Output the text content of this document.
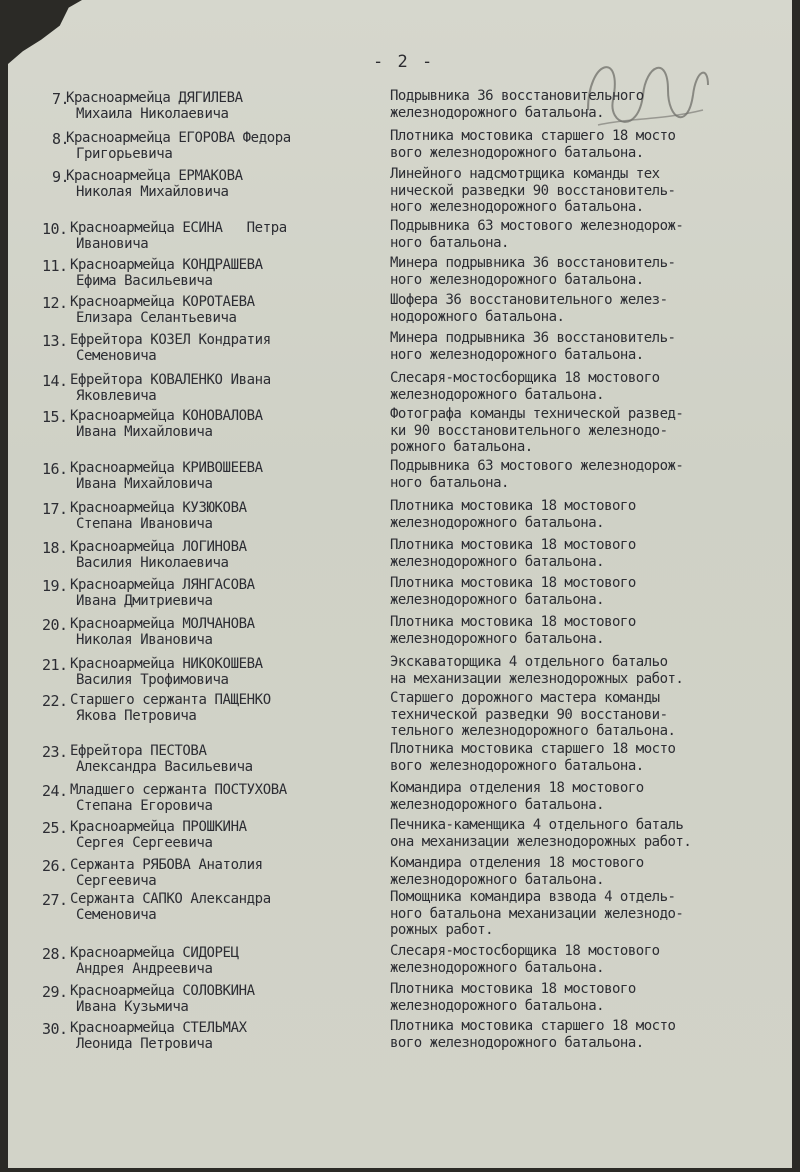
- 2 -
7.
Красноармейца ДЯГИЛЕВА
Михаила Николаевича
Подрывника 36 восстановительного
железнодорожного батальона.
8.
Красноармейца ЕГОРОВА Федора
Григорьевича
Плотника мостовика старшего 18 мосто
вого железнодорожного батальона.
9.
Красноармейца ЕРМАКОВА
Николая Михайловича
Линейного надсмотрщика команды тех
нической разведки 90 восстановитель-
ного железнодорожного батальона.
10. Красноармейца ЕСИНА   Петра
Ивановича
Подрывника 63 мостового железнодорож-
ного батальона.
11. Красноармейца КОНДРАШЕВА
Ефима Васильевича
Минера подрывника 36 восстановитель-
ного железнодорожного батальона.
12. Красноармейца КОРОТАЕВА
Елизара Селантьевича
Шофера 36 восстановительного желез-
нодорожного батальона.
13. Ефрейтора КОЗЕЛ Кондратия
Семеновича
Минера подрывника 36 восстановитель-
ного железнодорожного батальона.
14. Ефрейтора КОВАЛЕНКО Ивана
Яковлевича
Слесаря-мостосборщика 18 мостового
железнодорожного батальона.
15. Красноармейца КОНОВАЛОВА
Ивана Михайловича
Фотографа команды технической развед-
ки 90 восстановительного железнодо-
рожного батальона.
16. Красноармейца КРИВОШЕЕВА
Ивана Михайловича
Подрывника 63 мостового железнодорож-
ного батальона.
17. Красноармейца КУЗЮКОВА
Степана Ивановича
Плотника мостовика 18 мостового
железнодорожного батальона.
18. Красноармейца ЛОГИНОВА
Василия Николаевича
Плотника мостовика 18 мостового
железнодорожного батальона.
19. Красноармейца ЛЯНГАСОВА
Ивана Дмитриевича
Плотника мостовика 18 мостового
железнодорожного батальона.
20. Красноармейца МОЛЧАНОВА
Николая Ивановича
Плотника мостовика 18 мостового
железнодорожного батальона.
21. Красноармейца НИКОКОШЕВА
Василия Трофимовича
Экскаваторщика 4 отдельного батальо
на механизации железнодорожных работ.
22. Старшего сержанта ПАЩЕНКО
Якова Петровича
Старшего дорожного мастера команды
технической разведки 90 восстанови-
тельного железнодорожного батальона.
23. Ефрейтора ПЕСТОВА
Александра Васильевича
Плотника мостовика старшего 18 мосто
вого железнодорожного батальона.
24. Младшего сержанта ПОСТУХОВА
Степана Егоровича
Командира отделения 18 мостового
железнодорожного батальона.
25. Красноармейца ПРОШКИНА
Сергея Сергеевича
Печника-каменщика 4 отдельного баталь
она механизации железнодорожных работ.
26. Сержанта РЯБОВА Анатолия
Сергеевича
Командира отделения 18 мостового
железнодорожного батальона.
27. Сержанта САПКО Александра
Семеновича
Помощника командира взвода 4 отдель-
ного батальона механизации железнодо-
рожных работ.
28. Красноармейца СИДОРЕЦ
Андрея Андреевича
Слесаря-мостосборщика 18 мостового
железнодорожного батальона.
29. Красноармейца СОЛОВКИНА
Ивана Кузьмича
Плотника мостовика 18 мостового
железнодорожного батальона.
30. Красноармейца СТЕЛЬМАХ
Леонида Петровича
Плотника мостовика старшего 18 мосто
вого железнодорожного батальона.
